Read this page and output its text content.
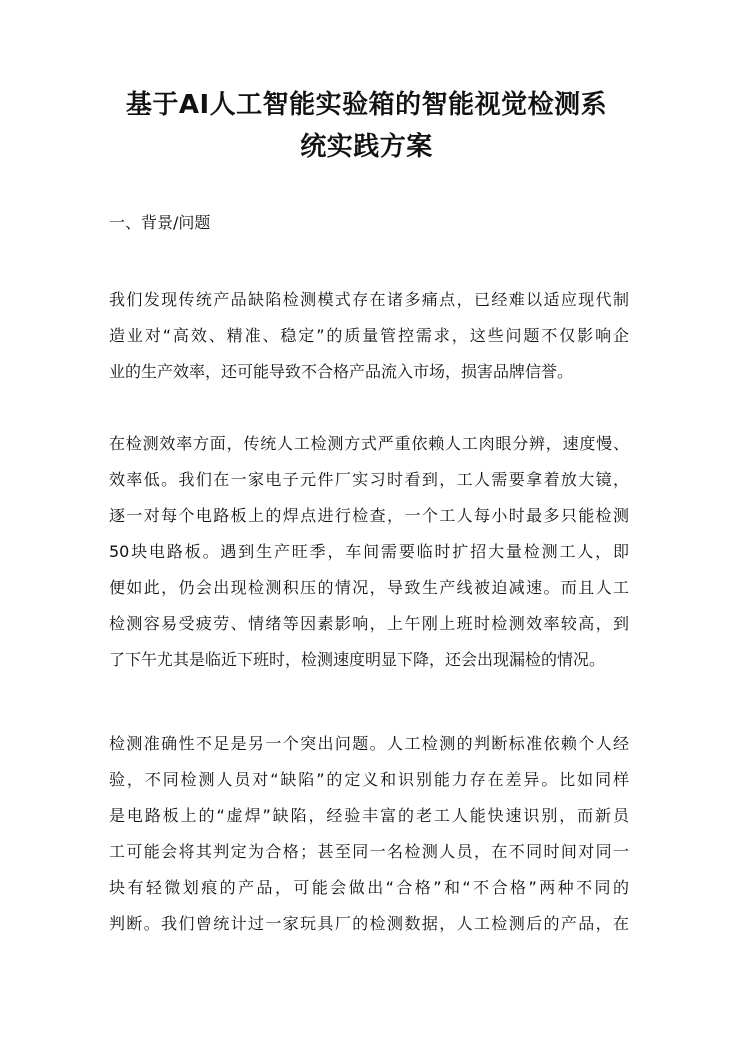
基于AI人工智能实验箱的智能视觉检测系
统实践方案
一、背景/问题

我们发现传统产品缺陷检测模式存在诸多痛点，已经难以适应现代制
造业对“高效、精准、稳定”的质量管控需求，这些问题不仅影响企
业的生产效率，还可能导致不合格产品流入市场，损害品牌信誉。

在检测效率方面，传统人工检测方式严重依赖人工肉眼分辨，速度慢、
效率低。我们在一家电子元件厂实习时看到，工人需要拿着放大镜，
逐一对每个电路板上的焊点进行检查，一个工人每小时最多只能检测
50块电路板。遇到生产旺季，车间需要临时扩招大量检测工人，即
便如此，仍会出现检测积压的情况，导致生产线被迫减速。而且人工
检测容易受疲劳、情绪等因素影响，上午刚上班时检测效率较高，到
了下午尤其是临近下班时，检测速度明显下降，还会出现漏检的情况。

检测准确性不足是另一个突出问题。人工检测的判断标准依赖个人经
验，不同检测人员对“缺陷”的定义和识别能力存在差异。比如同样
是电路板上的“虚焊”缺陷，经验丰富的老工人能快速识别，而新员
工可能会将其判定为合格；甚至同一名检测人员，在不同时间对同一
块有轻微划痕的产品，可能会做出“合格”和“不合格”两种不同的
判断。我们曾统计过一家玩具厂的检测数据，人工检测后的产品，在
